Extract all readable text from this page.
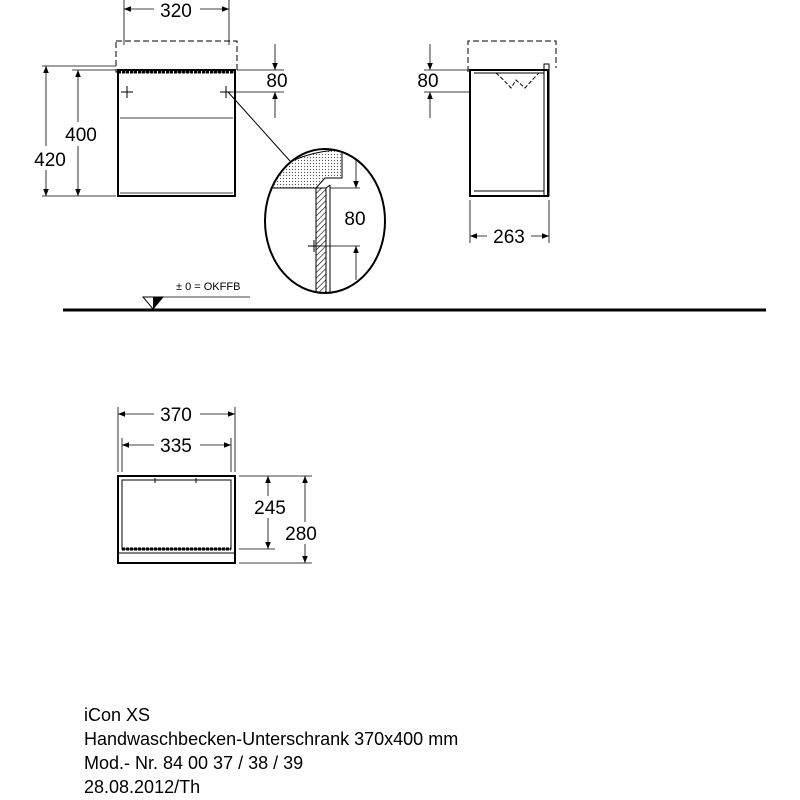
320
400
420
80
80
80
263
± 0 = OKFFB
370
335
245
280

iCon XS

Handwaschbecken-Unterschrank 370x400 mm

Mod.- Nr. 84 00 37 / 38 / 39

28.08.2012/Th
